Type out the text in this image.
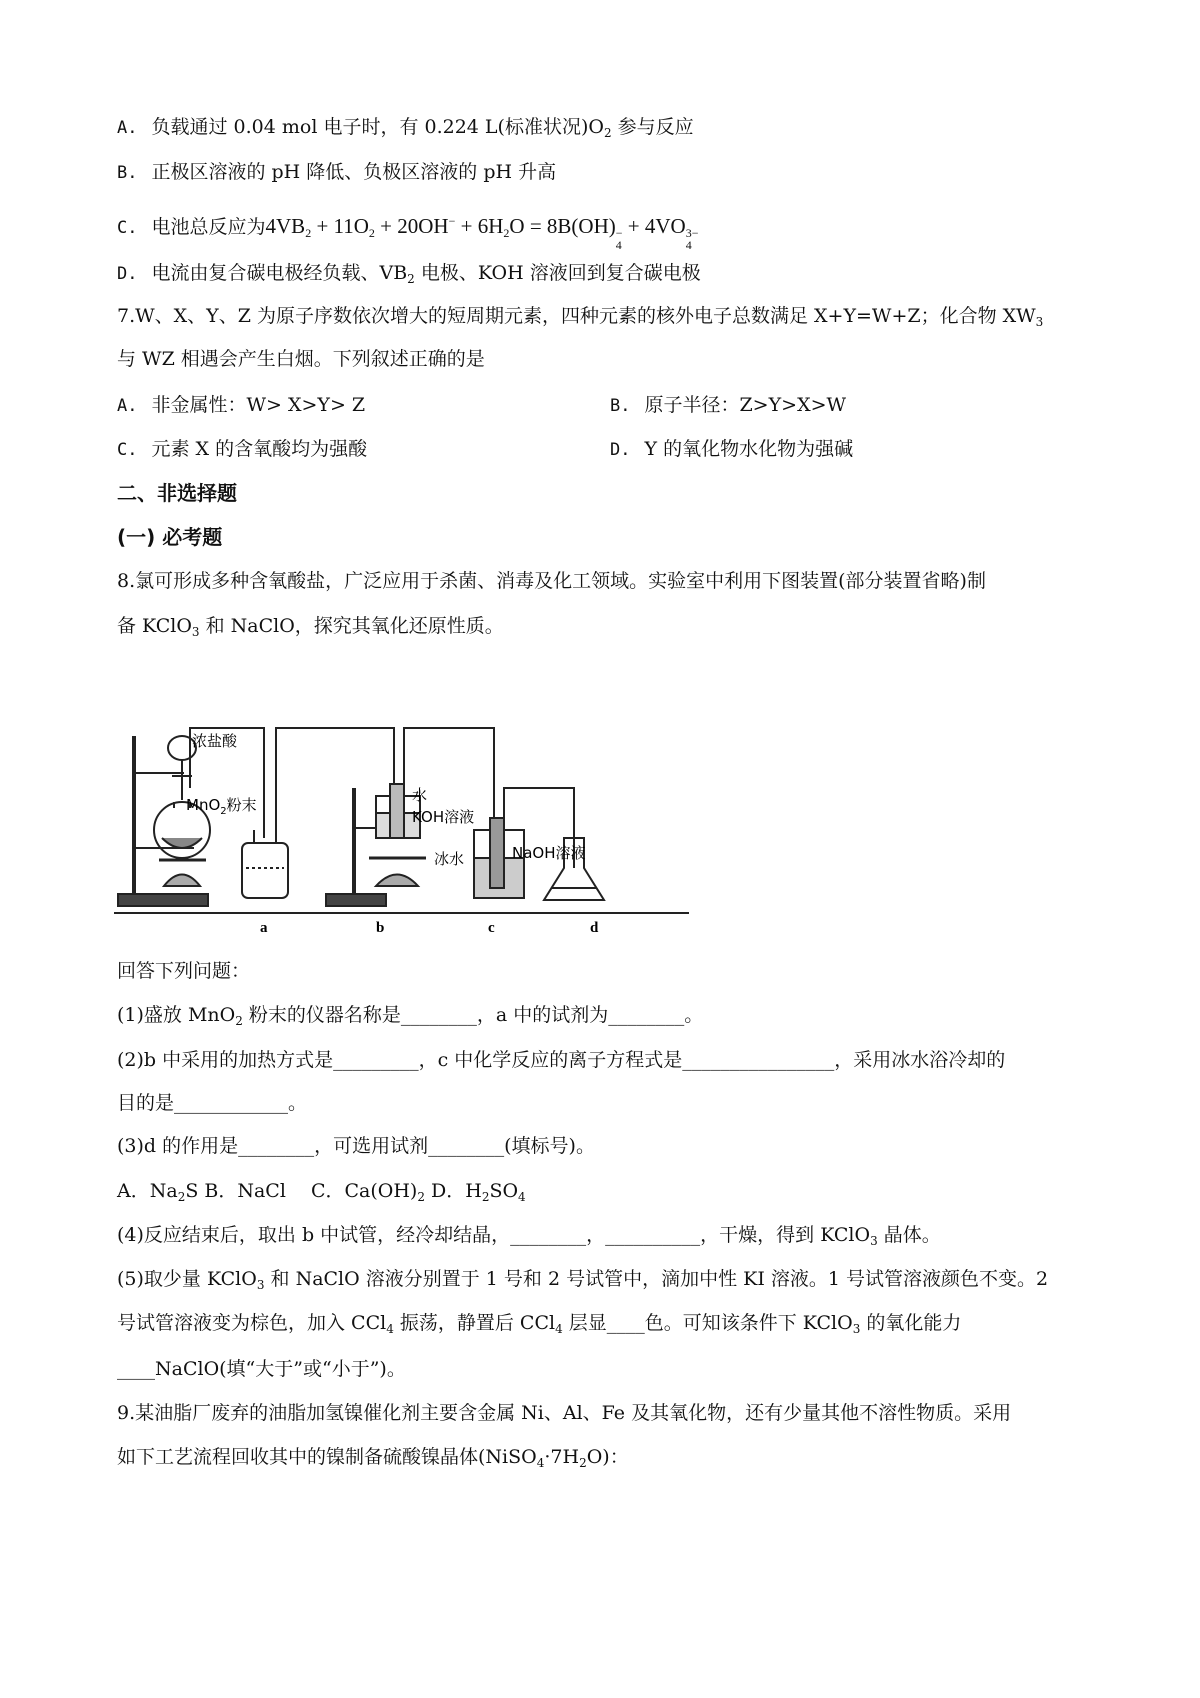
A. 负载通过 0.04 mol 电子时，有 0.224 L(标准状况)$O_2$ 参与反应
B. 正极区溶液的 pH 降低、负极区溶液的 pH 升高
C. 电池总反应为$4VB_2 + 11O_2 + 20OH^- + 6H_2O = 8B(OH)$ −
4
+ 4VO 3−
4
D. 电流由复合碳电极经负载、$VB_2$ 电极、KOH 溶液回到复合碳电极
7.W、X、Y、Z 为原子序数依次增大的短周期元素，四种元素的核外电子总数满足 X+Y=W+Z；化合物 $XW_3$
与 WZ 相遇会产生白烟。下列叙述正确的是
A. 非金属性：W> X>Y> Z	B. 原子半径：Z>Y>X>W
C. 元素 X 的含氧酸均为强酸	D. Y 的氧化物水化物为强碱
二、非选择题
(一) 必考题
8.氯可形成多种含氧酸盐，广泛应用于杀菌、消毒及化工领域。实验室中利用下图装置(部分装置省略)制
备 KClO$_3$ 和 NaClO，探究其氧化还原性质。
浓盐酸
MnO$_2$粉末
水
KOH溶液
冰水	NaOH溶液
a	b	c	d
回答下列问题：
(1)盛放 MnO$_2$ 粉末的仪器名称是________，a 中的试剂为________。
(2)b 中采用的加热方式是_________，c 中化学反应的离子方程式是________________，采用冰水浴冷却的
目的是____________。
(3)d 的作用是________，可选用试剂________(填标号)。
A．$Na_2S$ B．NaCl　 C．$Ca(OH)_2$ D．$H_2SO_4$
(4)反应结束后，取出 b 中试管，经冷却结晶，________，__________，干燥，得到 KClO$_3$ 晶体。
(5)取少量 KClO$_3$ 和 NaClO 溶液分别置于 1 号和 2 号试管中，滴加中性 KI 溶液。1 号试管溶液颜色不变。2
号试管溶液变为棕色，加入 CCl$_4$ 振荡，静置后 CCl$_4$ 层显____色。可知该条件下 KClO$_3$ 的氧化能力
____NaClO(填“大于”或“小于”)。
9.某油脂厂废弃的油脂加氢镍催化剂主要含金属 Ni、Al、Fe 及其氧化物，还有少量其他不溶性物质。采用
如下工艺流程回收其中的镍制备硫酸镍晶体$(NiSO_4\cdot 7H_2O)$：
